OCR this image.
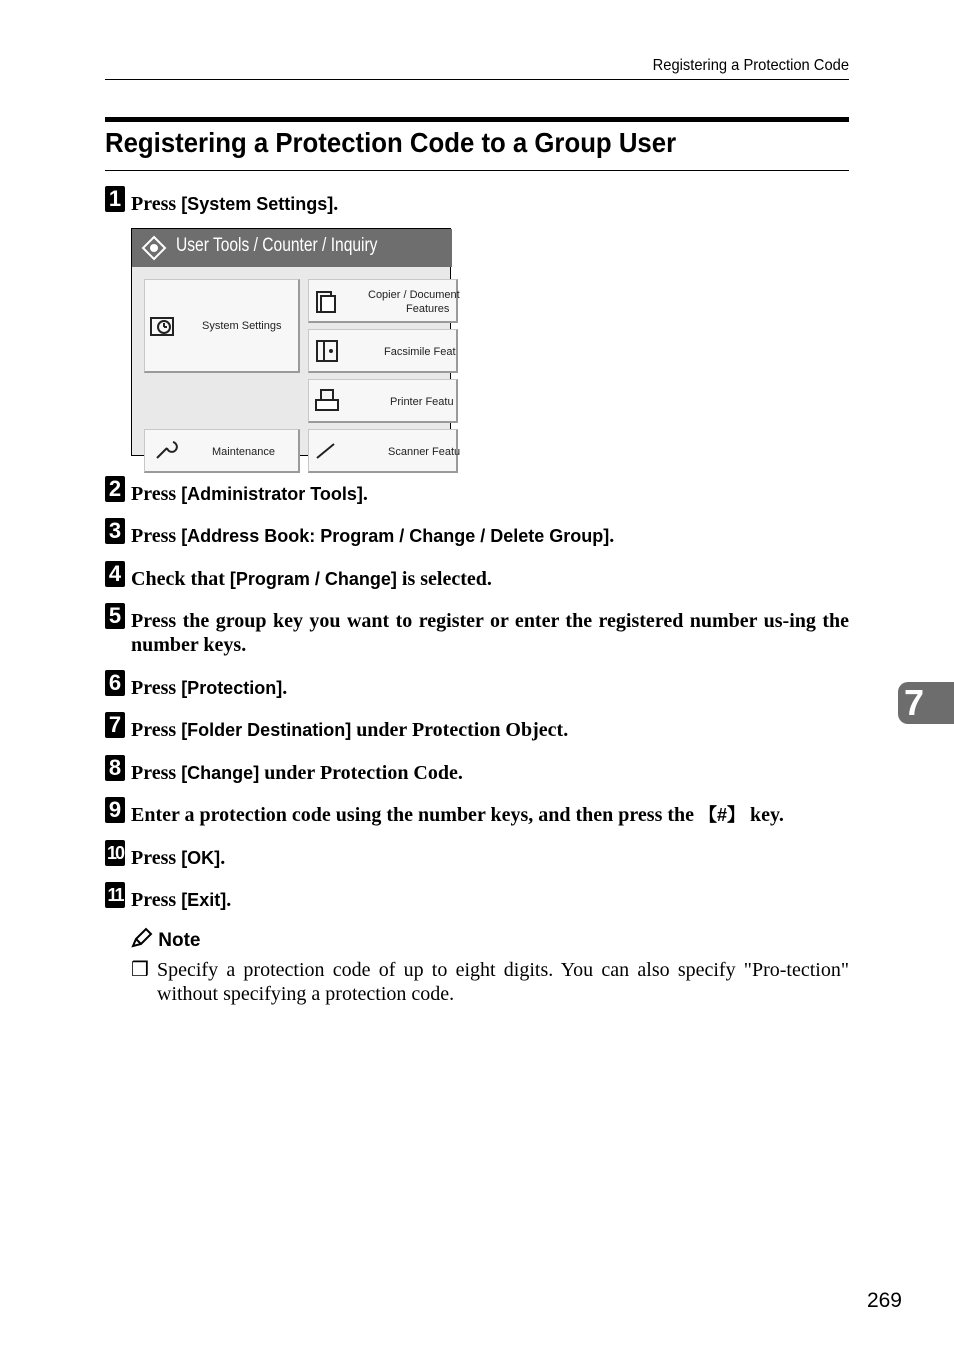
Registering a Protection Code
Registering a Protection Code to a Group User
1 Press [System Settings].
User Tools / Counter / Inquiry
System Settings
Copier / Document
Features
Facsimile Feat
Printer Featu
Maintenance	Scanner Featu
2 Press [Administrator Tools].
3 Press [Address Book: Program / Change / Delete Group].
4 Check that [Program / Change] is selected.
5 Press the group key you want to register or enter the registered number us-ing the number keys.
6 Press [Protection].
7 Press [Folder Destination] under Protection Object.
8 Press [Change] under Protection Code.
9 Enter a protection code using the number keys, and then press the 【#】 key.
10 Press [OK].
11 Press [Exit].
7
Note
❒ Specify a protection code of up to eight digits. You can also specify "Pro-tection" without specifying a protection code.
269
